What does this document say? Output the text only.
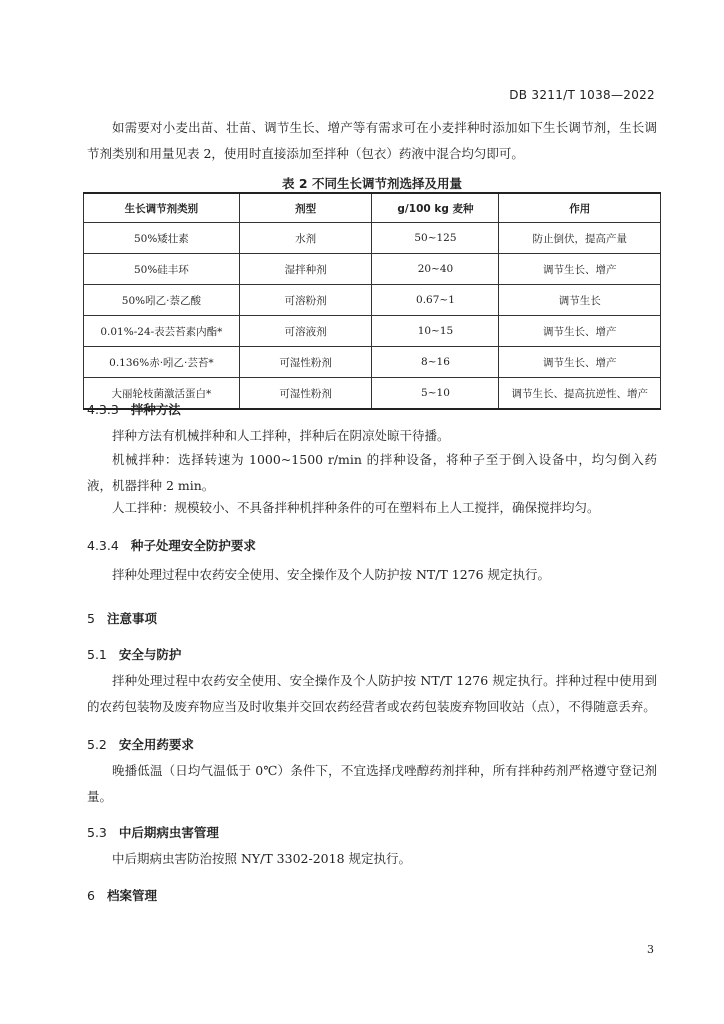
DB 3211/T 1038—2022
如需要对小麦出苗、壮苗、调节生长、增产等有需求可在小麦拌种时添加如下生长调节剂，生长调节剂类别和用量见表 2，使用时直接添加至拌种（包衣）药液中混合均匀即可。
表 2 不同生长调节剂选择及用量
生长调节剂类别	剂型	g/100 kg 麦种	作用
50%矮壮素	水剂	50~125	防止倒伏，提高产量
50%硅丰环	湿拌种剂	20~40	调节生长、增产
50%吲乙·萘乙酸	可溶粉剂	0.67~1	调节生长
0.01%-24-表芸苔素内酯*	可溶液剂	10~15	调节生长、增产
0.136%赤·吲乙·芸苔*	可湿性粉剂	8~16	调节生长、增产
大丽轮枝菌激活蛋白*	可湿性粉剂	5~10	调节生长、提高抗逆性、增产
4.3.3 拌种方法
拌种方法有机械拌种和人工拌种，拌种后在阴凉处晾干待播。
机械拌种：选择转速为 1000~1500 r/min 的拌种设备，将种子至于倒入设备中，均匀倒入药液，机器拌种 2 min。
人工拌种：规模较小、不具备拌种机拌种条件的可在塑料布上人工搅拌，确保搅拌均匀。
4.3.4 种子处理安全防护要求
拌种处理过程中农药安全使用、安全操作及个人防护按 NT/T 1276 规定执行。
5 注意事项
5.1 安全与防护
拌种处理过程中农药安全使用、安全操作及个人防护按 NT/T 1276 规定执行。拌种过程中使用到的农药包装物及废弃物应当及时收集并交回农药经营者或农药包装废弃物回收站（点），不得随意丢弃。
5.2 安全用药要求
晚播低温（日均气温低于 0℃）条件下，不宜选择戊唑醇药剂拌种，所有拌种药剂严格遵守登记剂量。
5.3 中后期病虫害管理
中后期病虫害防治按照 NY/T 3302-2018 规定执行。
6 档案管理
3
